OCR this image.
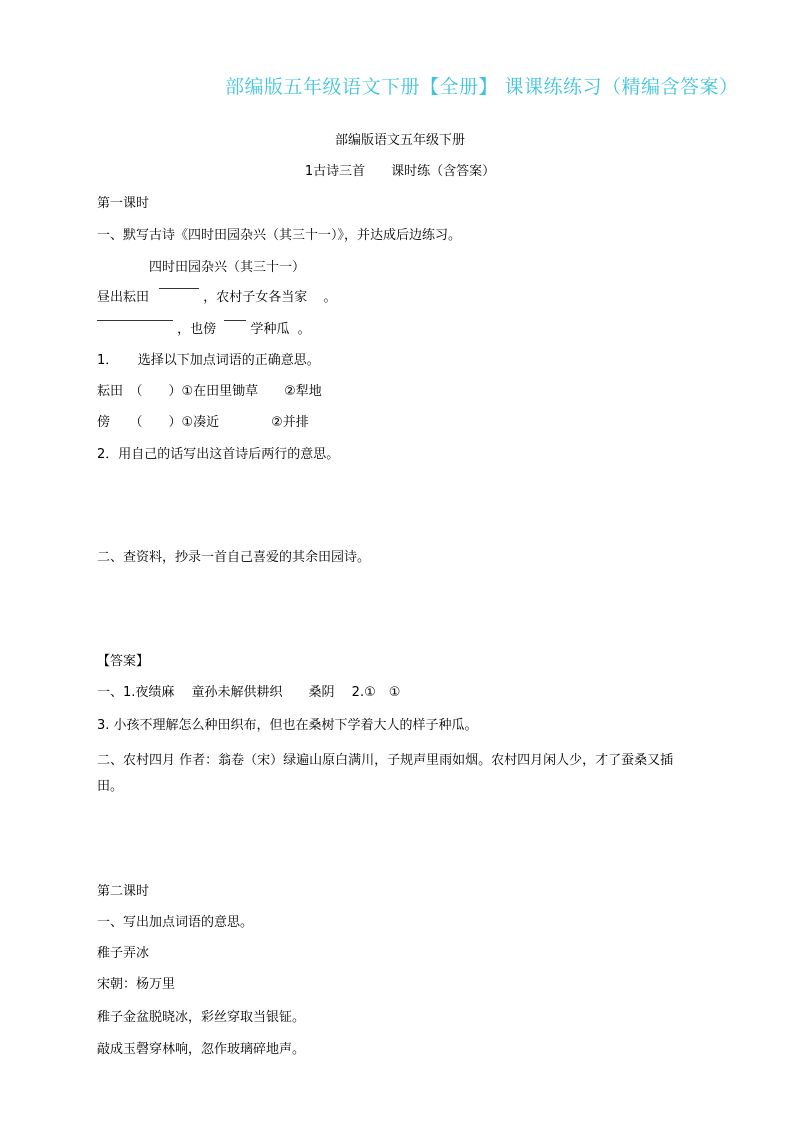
部编版五年级语文下册【全册】 课课练练习（精编含答案）
部编版语文五年级下册
1古诗三首　　课时练（含答案）
第一课时
一、默写古诗《四时田园杂兴（其三十一）》，并达成后边练习。
四时田园杂兴（其三十一）
昼出耘田	，农村子女各当家 。
，也傍	学种瓜 。
1．　　选择以下加点词语的正确意思。
耘田　（　　）①在田里锄草　　②犁地
傍　　（　　）①凑近　　　　②并排
2．用自己的话写出这首诗后两行的意思。
二、查资料，抄录一首自己喜爱的其余田园诗。
【答案】
一、1.夜绩麻　 童孙未解供耕织　　桑阴　 2.①　①
3. 小孩不理解怎么种田织布，但也在桑树下学着大人的样子种瓜。
二、农村四月 作者：翁卷（宋）绿遍山原白满川，子规声里雨如烟。农村四月闲人少，才了蚕桑又插
田。
第二课时
一、写出加点词语的意思。
稚子弄冰
宋朝：杨万里
稚子金盆脱晓冰，彩丝穿取当银钲。
敲成玉磬穿林响，忽作玻璃碎地声。
